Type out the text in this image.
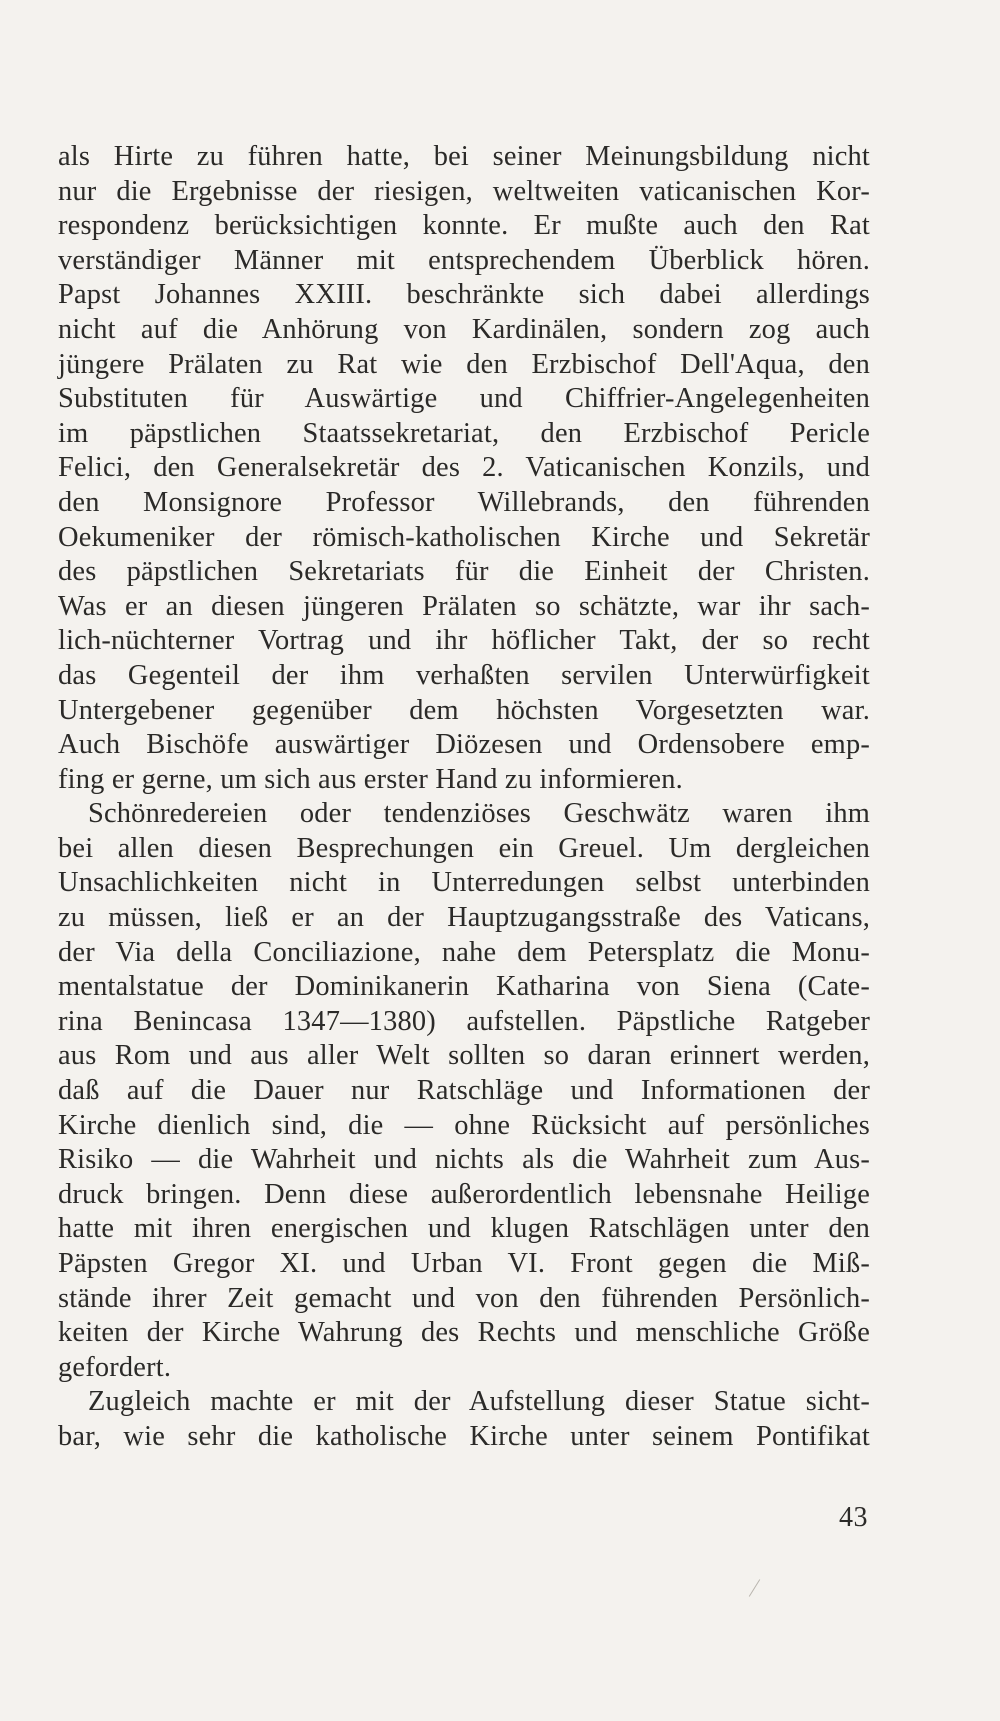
als Hirte zu führen hatte, bei seiner Meinungsbildung nicht
nur die Ergebnisse der riesigen, weltweiten vaticanischen Kor-
respondenz berücksichtigen konnte. Er mußte auch den Rat
verständiger Männer mit entsprechendem Überblick hören.
Papst Johannes XXIII. beschränkte sich dabei allerdings
nicht auf die Anhörung von Kardinälen, sondern zog auch
jüngere Prälaten zu Rat wie den Erzbischof Dell'Aqua, den
Substituten für Auswärtige und Chiffrier-Angelegenheiten
im päpstlichen Staatssekretariat, den Erzbischof Pericle
Felici, den Generalsekretär des 2. Vaticanischen Konzils, und
den Monsignore Professor Willebrands, den führenden
Oekumeniker der römisch-katholischen Kirche und Sekretär
des päpstlichen Sekretariats für die Einheit der Christen.
Was er an diesen jüngeren Prälaten so schätzte, war ihr sach-
lich-nüchterner Vortrag und ihr höflicher Takt, der so recht
das Gegenteil der ihm verhaßten servilen Unterwürfigkeit
Untergebener gegenüber dem höchsten Vorgesetzten war.
Auch Bischöfe auswärtiger Diözesen und Ordensobere emp-
fing er gerne, um sich aus erster Hand zu informieren.
Schönredereien oder tendenziöses Geschwätz waren ihm
bei allen diesen Besprechungen ein Greuel. Um dergleichen
Unsachlichkeiten nicht in Unterredungen selbst unterbinden
zu müssen, ließ er an der Hauptzugangsstraße des Vaticans,
der Via della Conciliazione, nahe dem Petersplatz die Monu-
mentalstatue der Dominikanerin Katharina von Siena (Cate-
rina Benincasa 1347—1380) aufstellen. Päpstliche Ratgeber
aus Rom und aus aller Welt sollten so daran erinnert werden,
daß auf die Dauer nur Ratschläge und Informationen der
Kirche dienlich sind, die — ohne Rücksicht auf persönliches
Risiko — die Wahrheit und nichts als die Wahrheit zum Aus-
druck bringen. Denn diese außerordentlich lebensnahe Heilige
hatte mit ihren energischen und klugen Ratschlägen unter den
Päpsten Gregor XI. und Urban VI. Front gegen die Miß-
stände ihrer Zeit gemacht und von den führenden Persönlich-
keiten der Kirche Wahrung des Rechts und menschliche Größe
gefordert.
Zugleich machte er mit der Aufstellung dieser Statue sicht-
bar, wie sehr die katholische Kirche unter seinem Pontifikat
43
